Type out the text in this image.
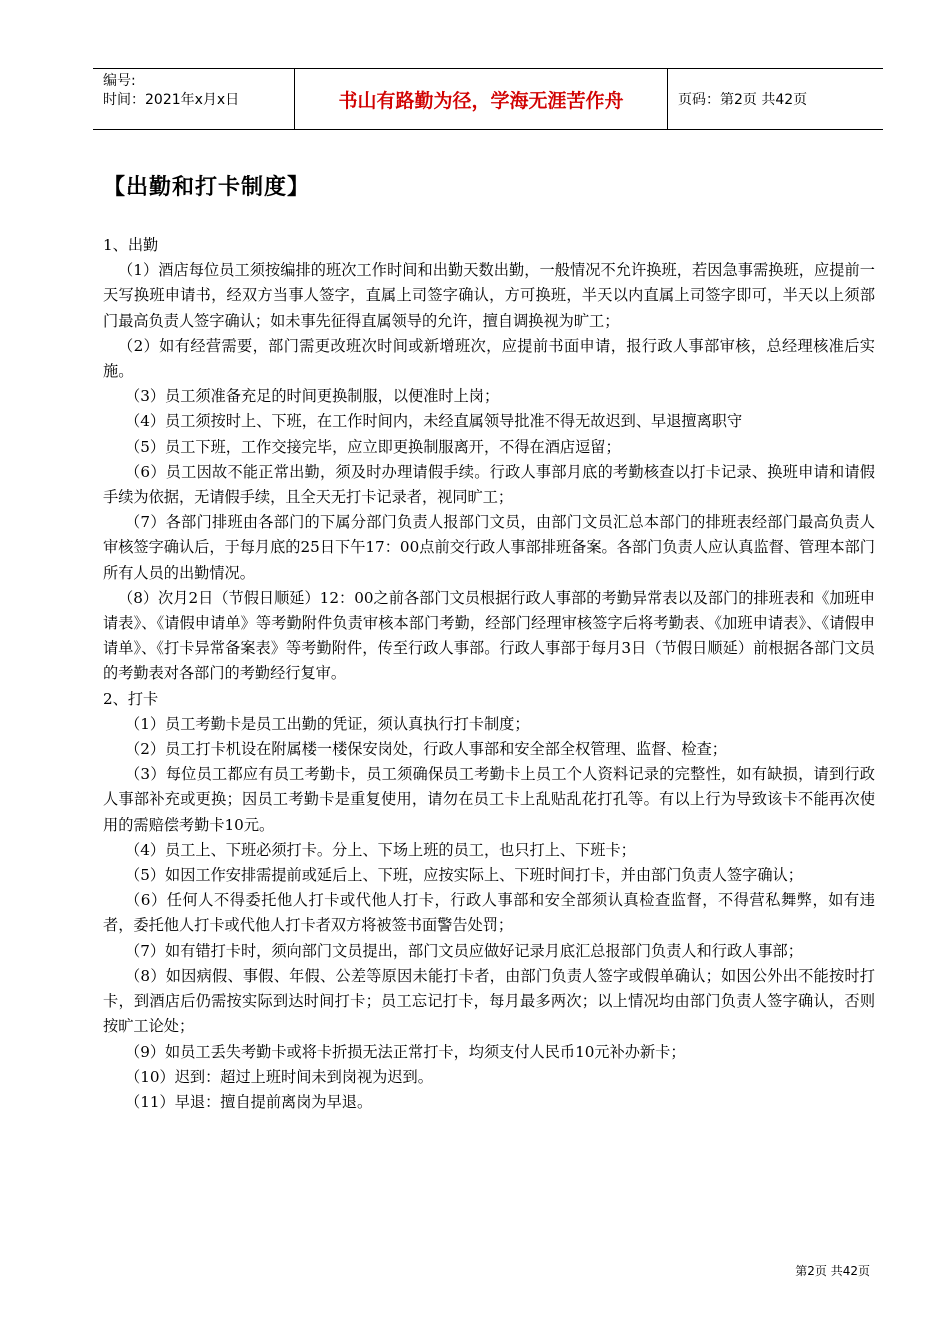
编号:
时间：2021年x月x日	书山有路勤为径，学海无涯苦作舟	页码：第2页 共42页
【出勤和打卡制度】

1、出勤

（1）酒店每位员工须按编排的班次工作时间和出勤天数出勤，一般情况不允许换班，若因急事需换班，应提前一天写换班申请书，经双方当事人签字，直属上司签字确认，方可换班，半天以内直属上司签字即可，半天以上须部门最高负责人签字确认；如未事先征得直属领导的允许，擅自调换视为旷工；

（2）如有经营需要，部门需更改班次时间或新增班次，应提前书面申请，报行政人事部审核，总经理核准后实施。

（3）员工须准备充足的时间更换制服，以便准时上岗；

（4）员工须按时上、下班，在工作时间内，未经直属领导批准不得无故迟到、早退擅离职守

（5）员工下班，工作交接完毕，应立即更换制服离开，不得在酒店逗留；

（6）员工因故不能正常出勤，须及时办理请假手续。行政人事部月底的考勤核查以打卡记录、换班申请和请假手续为依据，无请假手续，且全天无打卡记录者，视同旷工；

（7）各部门排班由各部门的下属分部门负责人报部门文员，由部门文员汇总本部门的排班表经部门最高负责人审核签字确认后，于每月底的25日下午17：00点前交行政人事部排班备案。各部门负责人应认真监督、管理本部门所有人员的出勤情况。

（8）次月2日（节假日顺延）12：00之前各部门文员根据行政人事部的考勤异常表以及部门的排班表和《加班申请表》、《请假申请单》等考勤附件负责审核本部门考勤，经部门经理审核签字后将考勤表、《加班申请表》、《请假申请单》、《打卡异常备案表》等考勤附件，传至行政人事部。行政人事部于每月3日（节假日顺延）前根据各部门文员的考勤表对各部门的考勤经行复审。

2、打卡

（1）员工考勤卡是员工出勤的凭证，须认真执行打卡制度；

（2）员工打卡机设在附属楼一楼保安岗处，行政人事部和安全部全权管理、监督、检查；

（3）每位员工都应有员工考勤卡，员工须确保员工考勤卡上员工个人资料记录的完整性，如有缺损，请到行政人事部补充或更换；因员工考勤卡是重复使用，请勿在员工卡上乱贴乱花打孔等。有以上行为导致该卡不能再次使用的需赔偿考勤卡10元。

（4）员工上、下班必须打卡。分上、下场上班的员工，也只打上、下班卡；

（5）如因工作安排需提前或延后上、下班，应按实际上、下班时间打卡，并由部门负责人签字确认；

（6）任何人不得委托他人打卡或代他人打卡，行政人事部和安全部须认真检查监督，不得营私舞弊，如有违者，委托他人打卡或代他人打卡者双方将被签书面警告处罚；

（7）如有错打卡时，须向部门文员提出，部门文员应做好记录月底汇总报部门负责人和行政人事部；

（8）如因病假、事假、年假、公差等原因未能打卡者，由部门负责人签字或假单确认；如因公外出不能按时打卡，到酒店后仍需按实际到达时间打卡；员工忘记打卡，每月最多两次；以上情况均由部门负责人签字确认，否则按旷工论处；

（9）如员工丢失考勤卡或将卡折损无法正常打卡，均须支付人民币10元补办新卡；

（10）迟到：超过上班时间未到岗视为迟到。

（11）早退：擅自提前离岗为早退。

第2页 共42页
